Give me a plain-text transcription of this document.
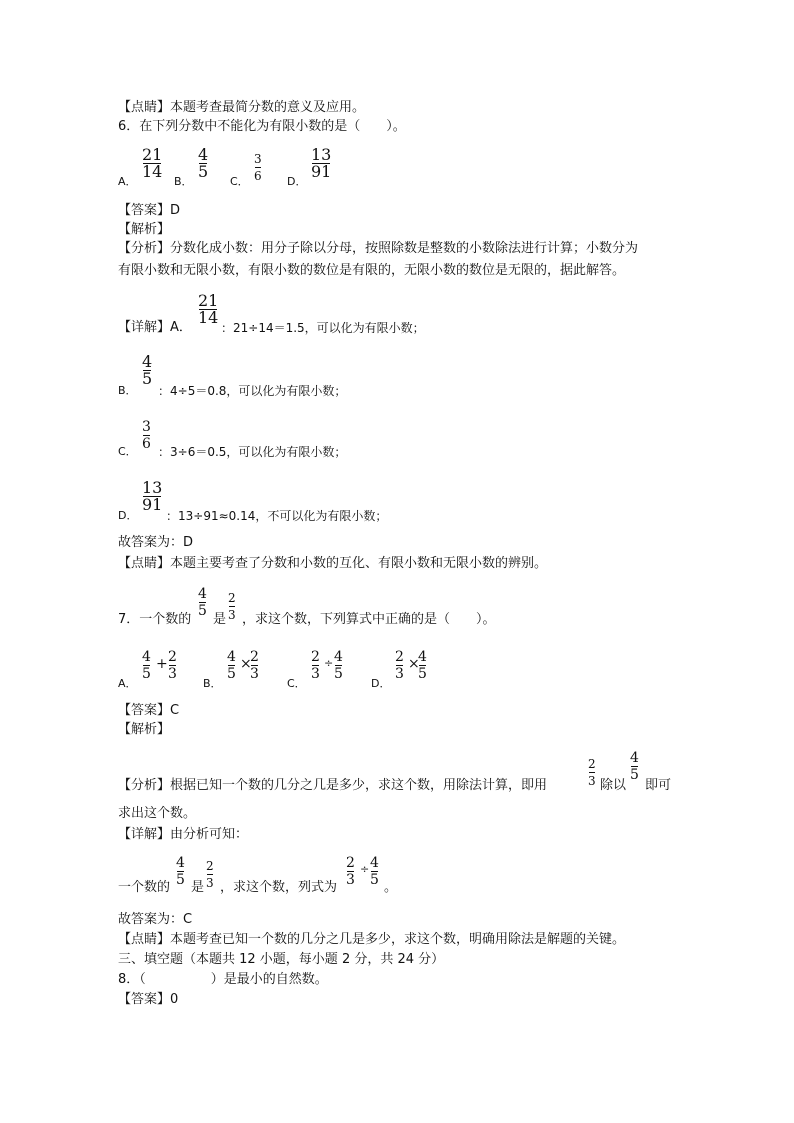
【点睛】本题考查最简分数的意义及应用。
6．在下列分数中不能化为有限小数的是（　　）。
A．
21
14
B．
4
5
C．
3
6 D．
13
91
【答案】D
【解析】
【分析】分数化成小数：用分子除以分母，按照除数是整数的小数除法进行计算；小数分为
有限小数和无限小数，有限小数的数位是有限的，无限小数的数位是无限的，据此解答。
【详解】A．
21
14
：21÷14＝1.5，可以化为有限小数；
B．
4
5
：4÷5＝0.8，可以化为有限小数；
C．
3
6 ：3÷6＝0.5，可以化为有限小数；
D．
13
91
：13÷91≈0.14，不可以化为有限小数；
故答案为：D
【点睛】本题主要考查了分数和小数的互化、有限小数和无限小数的辨别。
7．一个数的
4
5
是
2
3 ，求这个数，下列算式中正确的是（　　）。
A．
4
5
+ 2
3
B．
4
5
×
2
3
C．
2
3
÷ 4
5
D．
2
3
×
4
5
【答案】C
【解析】
【分析】根据已知一个数的几分之几是多少，求这个数，用除法计算，即用
2
3 除以
4
5
即可
求出这个数。
【详解】由分析可知：
一个数的
4
5 是
2
3 ，求这个数，列式为
2
3
÷ 4
5 。
故答案为：C
【点睛】本题考查已知一个数的几分之几是多少，求这个数，明确用除法是解题的关键。
三、填空题（本题共 12 小题，每小题 2 分，共 24 分）
8．（　　　　　）是最小的自然数。
【答案】0
